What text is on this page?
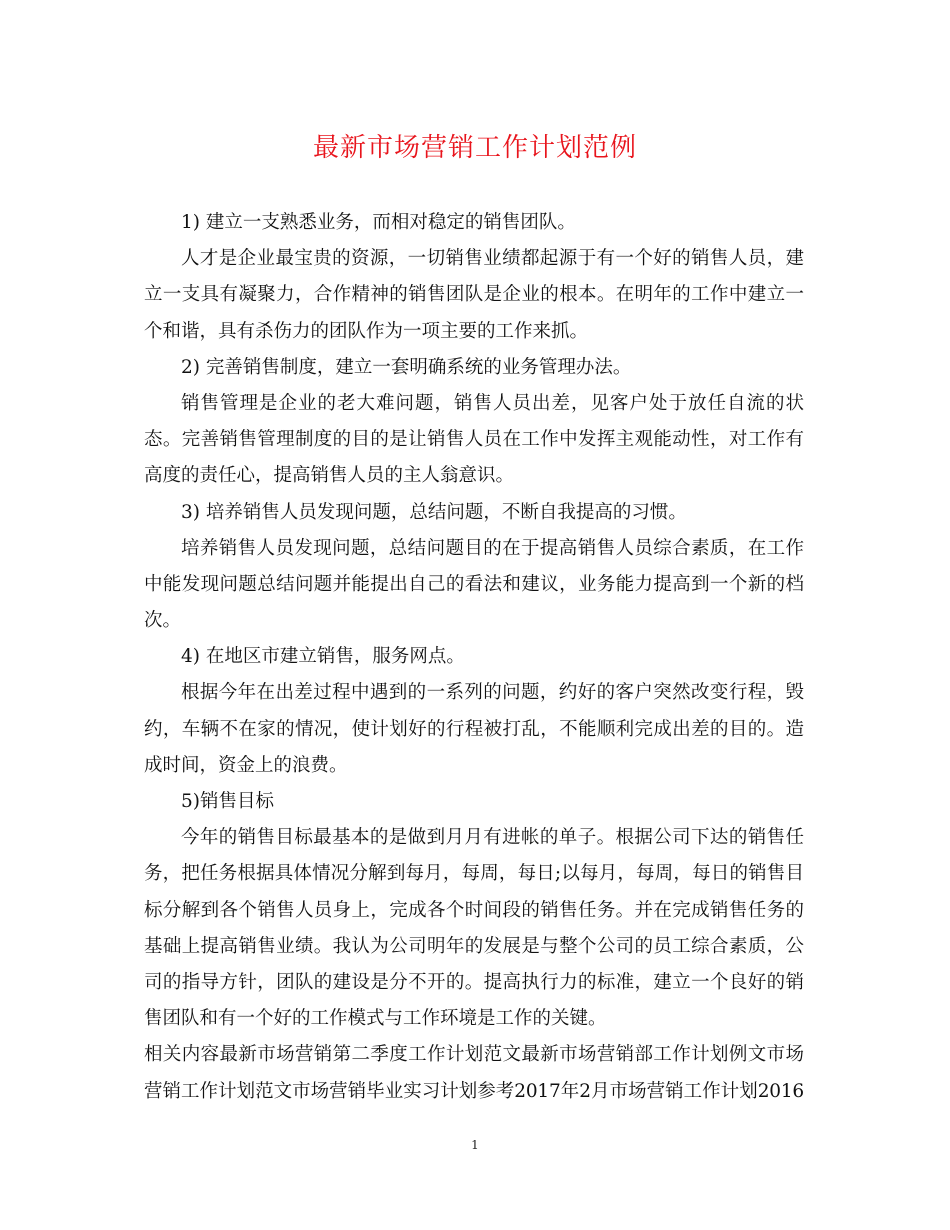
最新市场营销工作计划范例
1) 建立一支熟悉业务，而相对稳定的销售团队。
人才是企业最宝贵的资源，一切销售业绩都起源于有一个好的销售人员，建
立一支具有凝聚力，合作精神的销售团队是企业的根本。在明年的工作中建立一
个和谐，具有杀伤力的团队作为一项主要的工作来抓。
2) 完善销售制度，建立一套明确系统的业务管理办法。
销售管理是企业的老大难问题，销售人员出差，见客户处于放任自流的状
态。完善销售管理制度的目的是让销售人员在工作中发挥主观能动性，对工作有
高度的责任心，提高销售人员的主人翁意识。
3) 培养销售人员发现问题，总结问题，不断自我提高的习惯。
培养销售人员发现问题，总结问题目的在于提高销售人员综合素质，在工作
中能发现问题总结问题并能提出自己的看法和建议，业务能力提高到一个新的档
次。
4) 在地区市建立销售，服务网点。
根据今年在出差过程中遇到的一系列的问题，约好的客户突然改变行程，毁
约，车辆不在家的情况，使计划好的行程被打乱，不能顺利完成出差的目的。造
成时间，资金上的浪费。
5)销售目标
今年的销售目标最基本的是做到月月有进帐的单子。根据公司下达的销售任
务，把任务根据具体情况分解到每月，每周，每日;以每月，每周，每日的销售目
标分解到各个销售人员身上，完成各个时间段的销售任务。并在完成销售任务的
基础上提高销售业绩。我认为公司明年的发展是与整个公司的员工综合素质，公
司的指导方针，团队的建设是分不开的。提高执行力的标准，建立一个良好的销
售团队和有一个好的工作模式与工作环境是工作的关键。
相关内容最新市场营销第二季度工作计划范文最新市场营销部工作计划例文市场
营销工作计划范文市场营销毕业实习计划参考2017年2月市场营销工作计划2016
1
